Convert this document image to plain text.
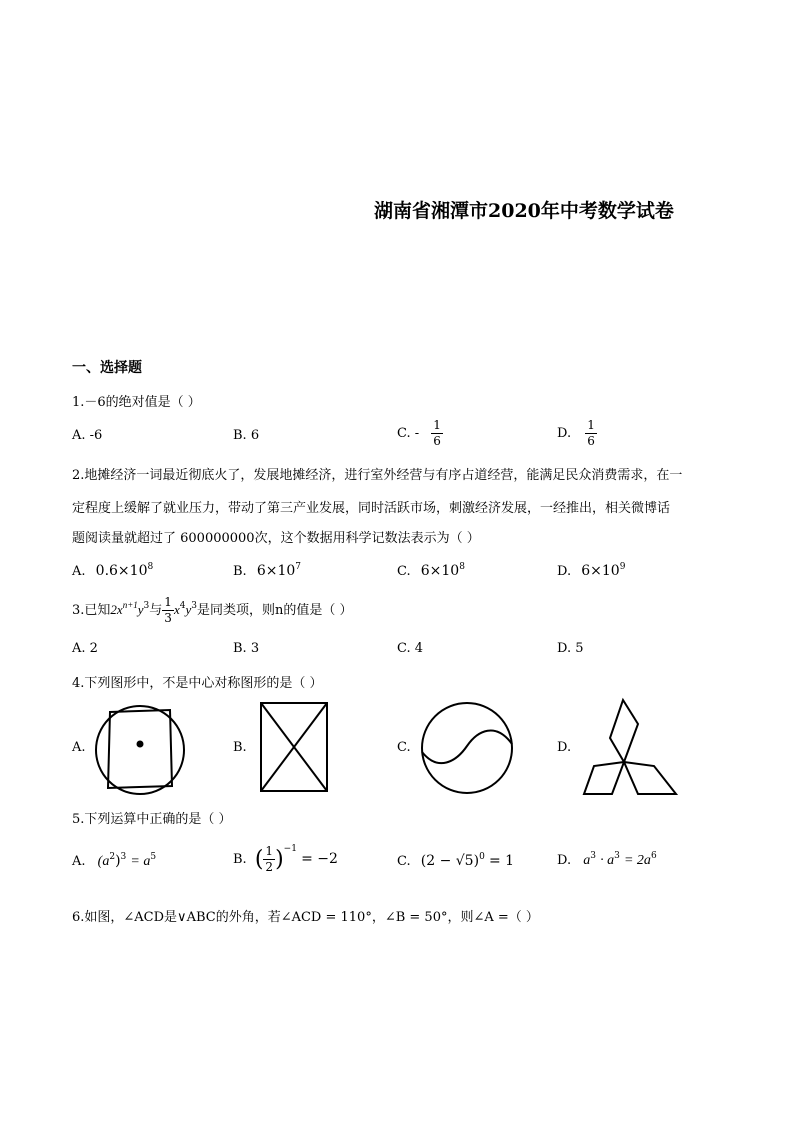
湖南省湘潭市2020年中考数学试卷
一、选择题
1.－6的绝对值是（ ）
A. -6	B. 6	C. - $\frac{1}{6}$	D. $\frac{1}{6}$
2.地摊经济一词最近彻底火了，发展地摊经济，进行室外经营与有序占道经营，能满足民众消费需求，在一
定程度上缓解了就业压力，带动了第三产业发展，同时活跃市场，刺激经济发展，一经推出，相关微博话
题阅读量就超过了 600000000次，这个数据用科学记数法表示为（ ）
A. $0.6\times 10^8$	B. $6\times 10^7$	C. $6\times 10^8$	D. $6\times 10^9$
3.已知$2x^{n+1}y^3$与 $\frac{1}{3} x^4y^3$是同类项，则n的值是（ ）
A. 2	B. 3	C. 4	D. 5
4.下列图形中，不是中心对称图形的是（ ）
A.	B.	C.	D.
5.下列运算中正确的是（ ）
A. $(a^2)^3 = a^5$	B. ( $\frac{1}{2} )^{-1} = -2$	C. $(2 - √5)^0 = 1$	D. $a^3 \cdot a^3 = 2a^6$
6.如图，∠ACD是∨ABC的外角，若∠ACD = 110°，∠B = 50°，则∠A =（ ）
